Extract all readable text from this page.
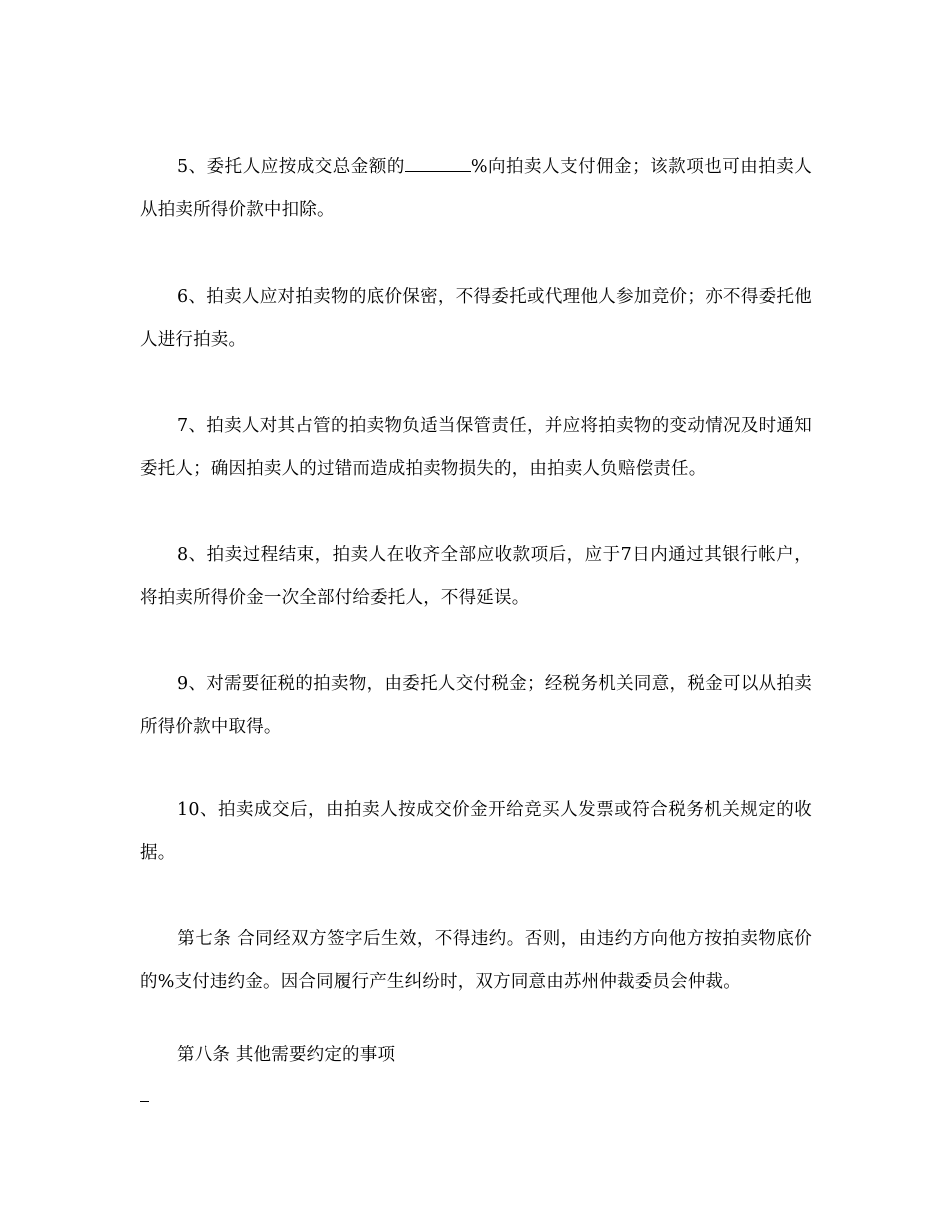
5、委托人应按成交总金额的	%向拍卖人支付佣金；该款项也可由拍卖人从拍卖所得价款中扣除。

6、拍卖人应对拍卖物的底价保密，不得委托或代理他人参加竞价；亦不得委托他人进行拍卖。

7、拍卖人对其占管的拍卖物负适当保管责任，并应将拍卖物的变动情况及时通知委托人；确因拍卖人的过错而造成拍卖物损失的，由拍卖人负赔偿责任。

8、拍卖过程结束，拍卖人在收齐全部应收款项后，应于7日内通过其银行帐户，将拍卖所得价金一次全部付给委托人，不得延误。

9、对需要征税的拍卖物，由委托人交付税金；经税务机关同意，税金可以从拍卖所得价款中取得。

10、拍卖成交后，由拍卖人按成交价金开给竞买人发票或符合税务机关规定的收据。

第七条 合同经双方签字后生效，不得违约。否则，由违约方向他方按拍卖物底价的%支付违约金。因合同履行产生纠纷时，双方同意由苏州仲裁委员会仲裁。

第八条 其他需要约定的事项
